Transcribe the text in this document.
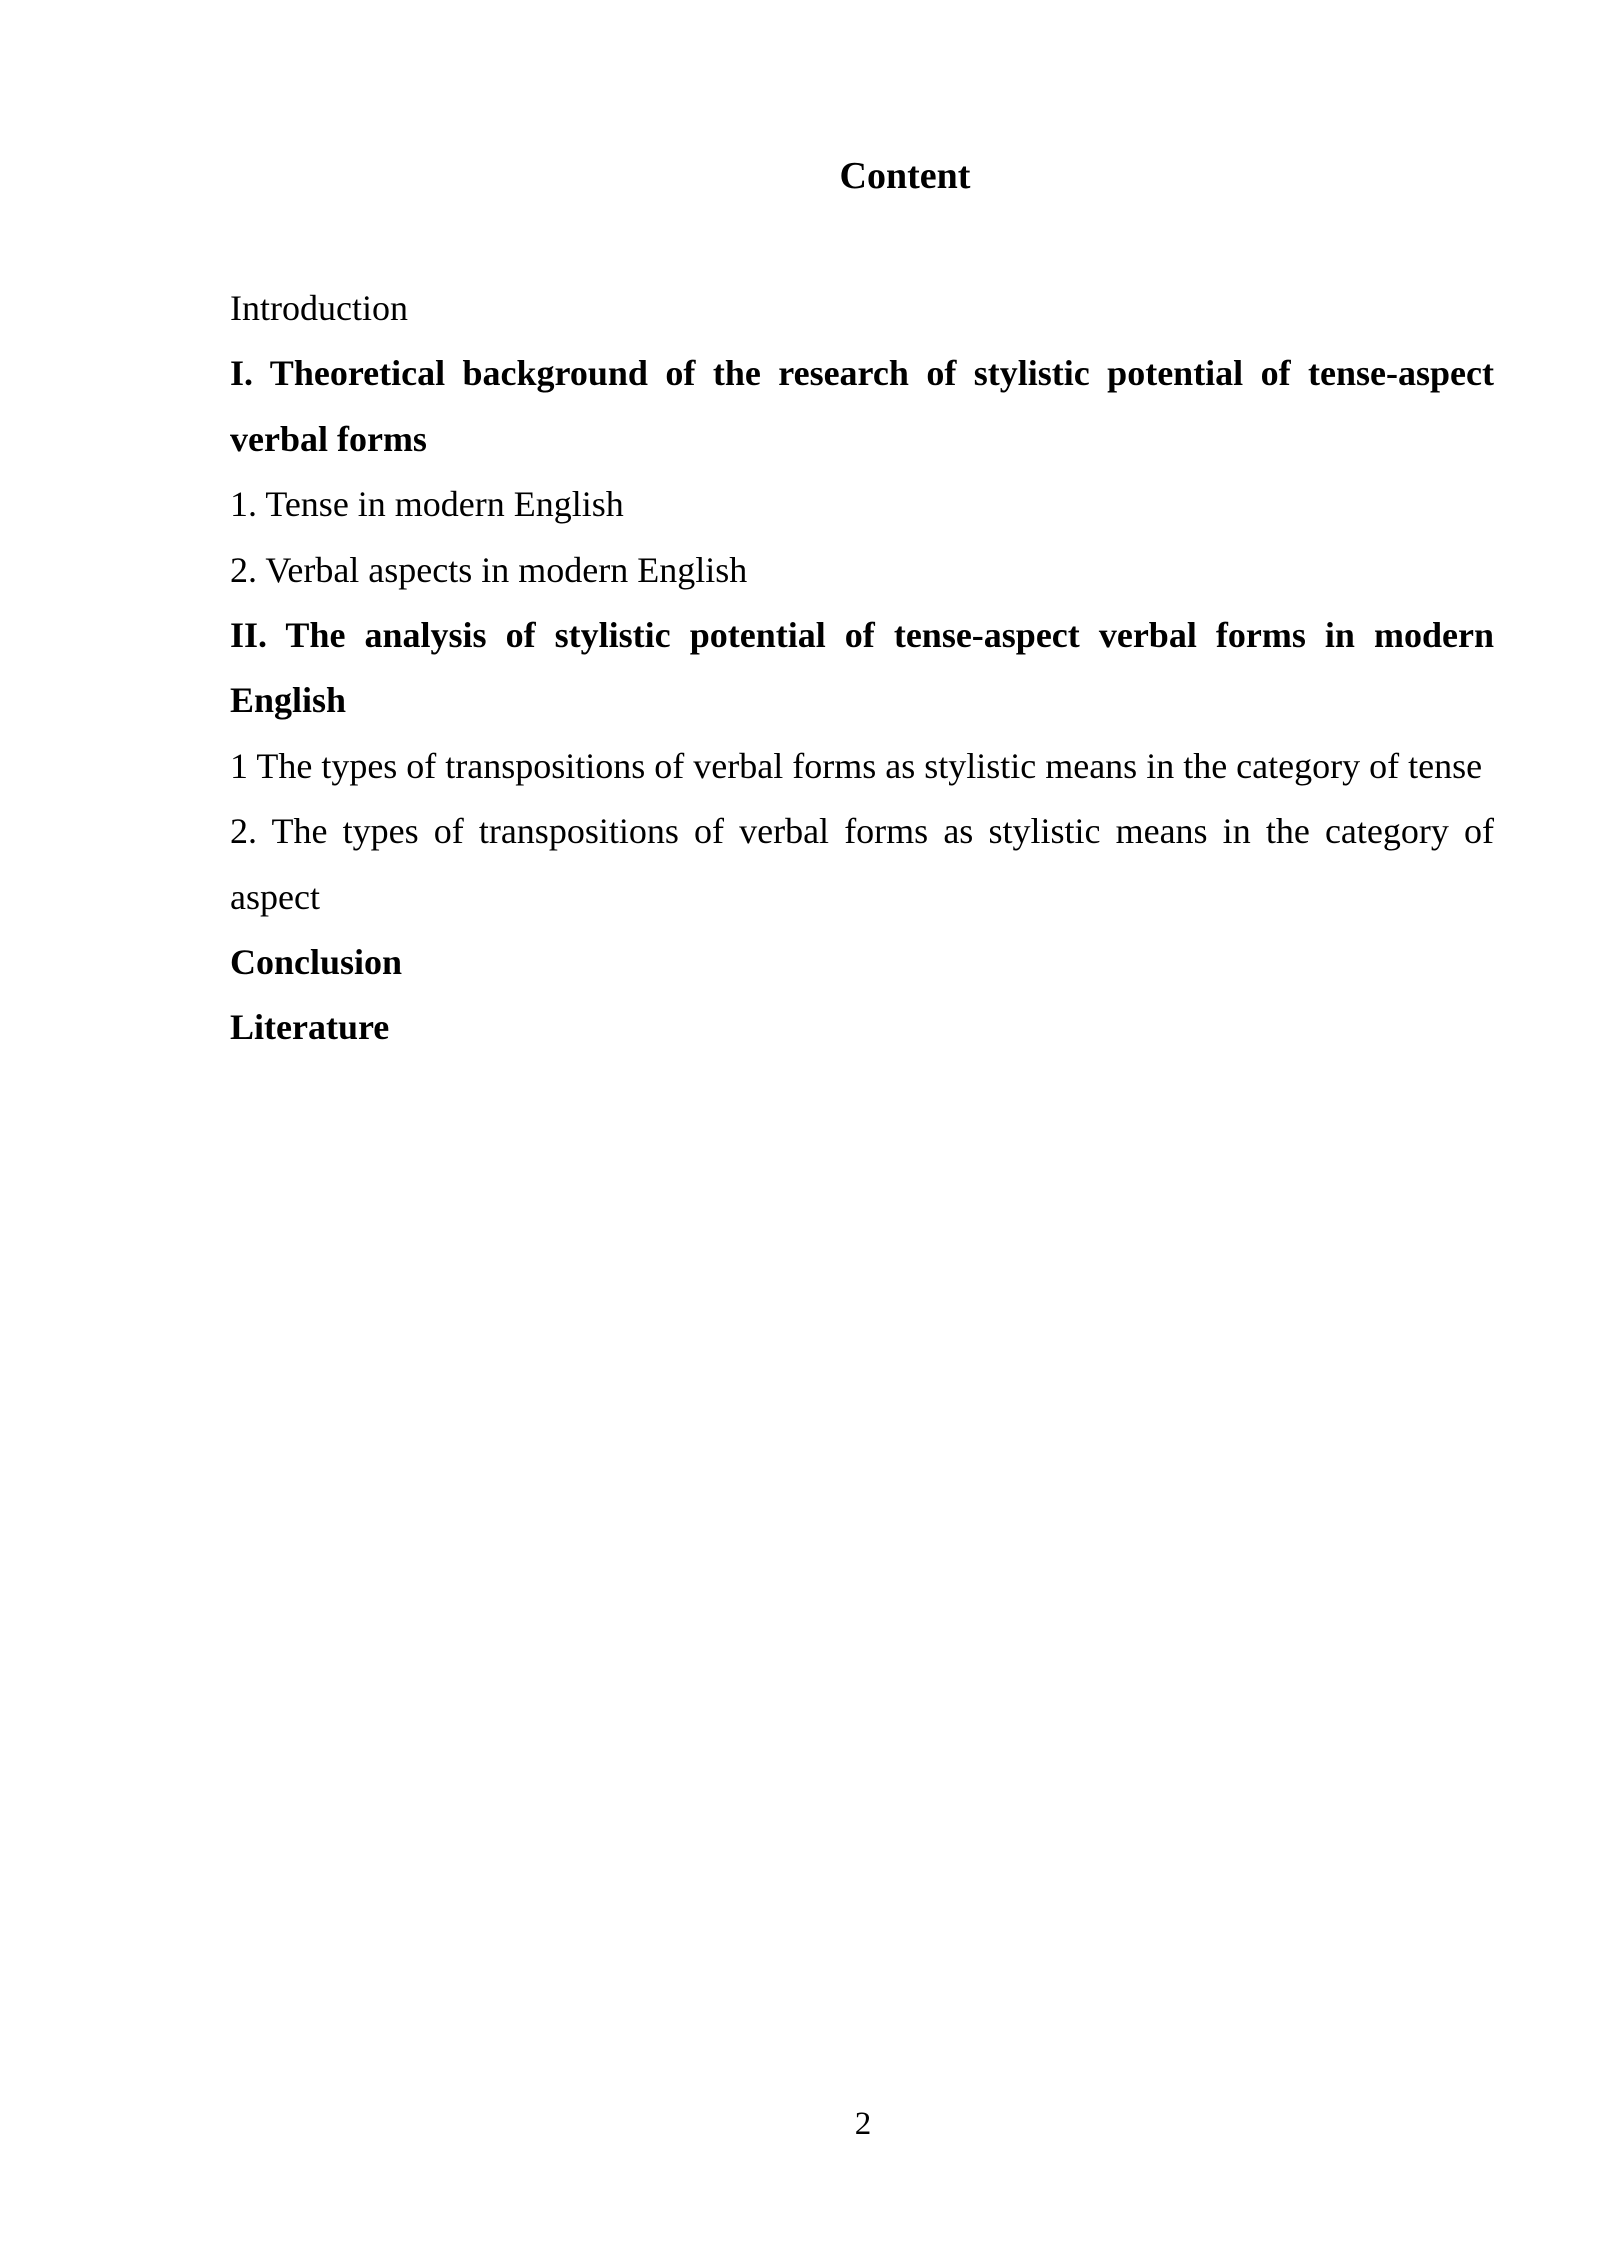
Content
Introduction
I. Theoretical background of the research of stylistic potential of tense-aspect verbal forms
1. Tense in modern English
2. Verbal aspects in modern English
II. The analysis of stylistic potential of tense-aspect verbal forms in modern English
1 The types of transpositions of verbal forms as stylistic means in the category of tense
2. The types of transpositions of verbal forms as stylistic means in the category of aspect
Conclusion
Literature
2
